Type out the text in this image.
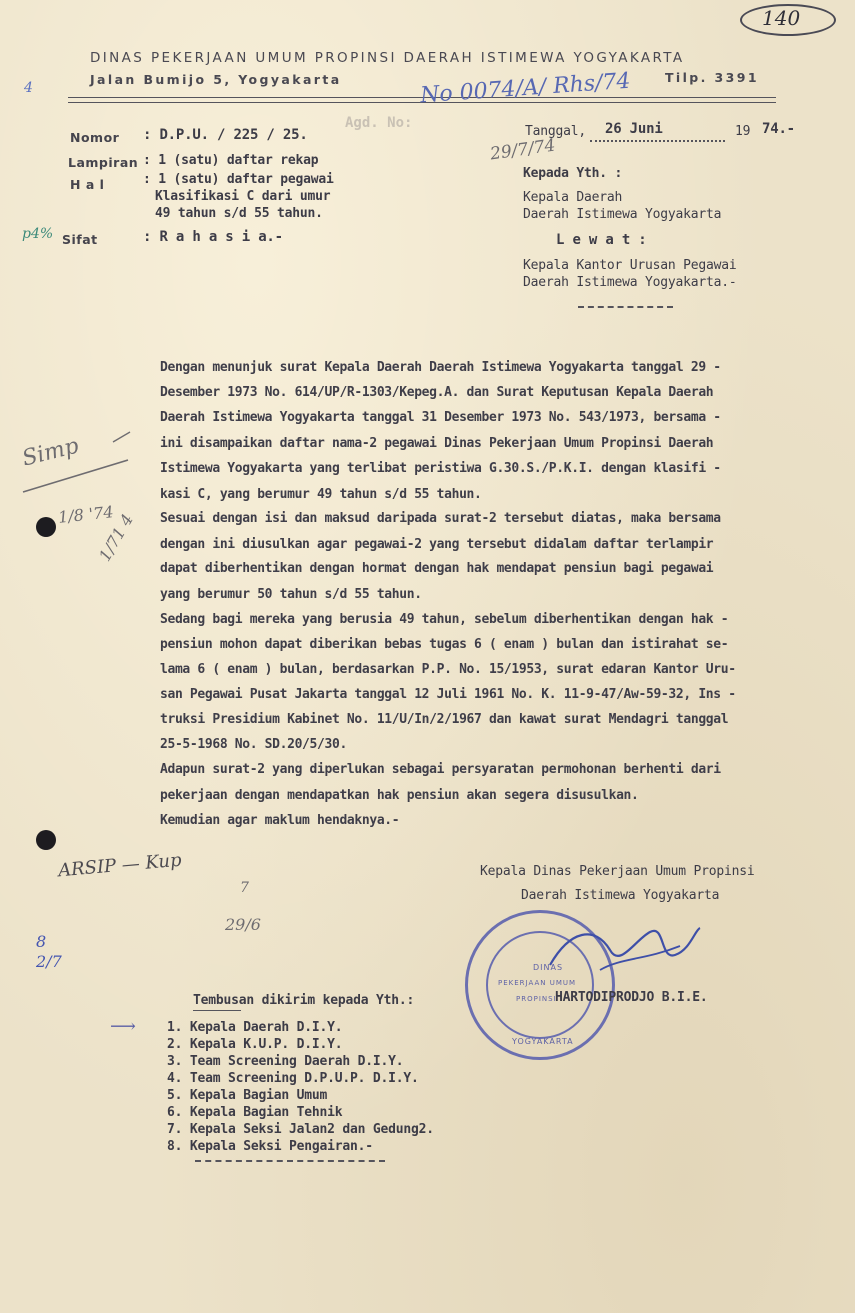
140
DINAS PEKERJAAN UMUM PROPINSI DAERAH ISTIMEWA YOGYAKARTA
Jalan Bumijo 5, Yogyakarta	Tilp. 3391
4
p4%
No 0074/A/ Rhs/74
Agd. No:
Nomor : D.P.U. / 225 / 25.
Lampiran : 1 (satu) daftar rekap
H a l	: 1 (satu) daftar pegawai
Klasifikasi C dari umur
49 tahun s/d 55 tahun.
Sifat	: R a h a s i a.-
Tanggal, 26 Juni	19 74.-
29/7/74
Kepada Yth. :
Kepala Daerah
Daerah Istimewa Yogyakarta
L e w a t :
Kepala Kantor Urusan Pegawai
Daerah Istimewa Yogyakarta.-
Dengan menunjuk surat Kepala Daerah Daerah Istimewa Yogyakarta tanggal 29 -
Desember 1973 No. 614/UP/R-1303/Kepeg.A. dan Surat Keputusan Kepala Daerah
Daerah Istimewa Yogyakarta tanggal 31 Desember 1973 No. 543/1973, bersama -
ini disampaikan daftar nama-2 pegawai Dinas Pekerjaan Umum Propinsi Daerah
Istimewa Yogyakarta yang terlibat peristiwa G.30.S./P.K.I. dengan klasifi -
kasi C, yang berumur 49 tahun s/d 55 tahun.
Sesuai dengan isi dan maksud daripada surat-2 tersebut diatas, maka bersama
dengan ini diusulkan agar pegawai-2 yang tersebut didalam daftar terlampir
dapat diberhentikan dengan hormat dengan hak mendapat pensiun bagi pegawai
yang berumur 50 tahun s/d 55 tahun.
Sedang bagi mereka yang berusia 49 tahun, sebelum diberhentikan dengan hak -
pensiun mohon dapat diberikan bebas tugas 6 ( enam ) bulan dan istirahat se-
lama 6 ( enam ) bulan, berdasarkan P.P. No. 15/1953, surat edaran Kantor Uru-
san Pegawai Pusat Jakarta tanggal 12 Juli 1961 No. K. 11-9-47/Aw-59-32, Ins -
truksi Presidium Kabinet No. 11/U/In/2/1967 dan kawat surat Mendagri tanggal
25-5-1968 No. SD.20/5/30.
Adapun surat-2 yang diperlukan sebagai persyaratan permohonan berhenti dari
pekerjaan dengan mendapatkan hak pensiun akan segera disusulkan.
Kemudian agar maklum hendaknya.-
Simp
1/8 '74
1/71 4
ARSIP — Kup
7
29/6
8 2/7
Kepala Dinas Pekerjaan Umum Propinsi
Daerah Istimewa Yogyakarta
DINAS
PEKERJAAN UMUM
PROPINSI
YOGYAKARTA
HARTODIPRODJO B.I.E.
Tembusan dikirim kepada Yth.:
⟶ 1. Kepala Daerah D.I.Y.
2. Kepala K.U.P. D.I.Y.
3. Team Screening Daerah D.I.Y.
4. Team Screening D.P.U.P. D.I.Y.
5. Kepala Bagian Umum
6. Kepala Bagian Tehnik
7. Kepala Seksi Jalan2 dan Gedung2.
8. Kepala Seksi Pengairan.-
